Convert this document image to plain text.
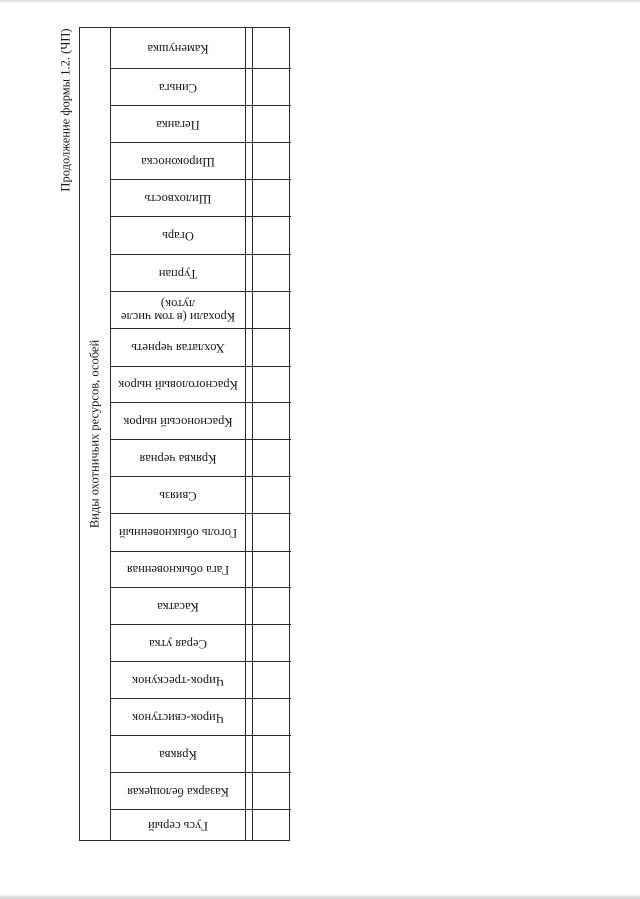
Продолжение формы 1.2. (ЧП)
Виды охотничьих ресурсов, особей
Каменушка
Синьга
Пеганка
Широконоска
Шилохвость
Огарь
Турпан
Крохали (в том числе луток)
Хохлатая чернеть
Красноголовый нырок
Красноносый нырок
Кряква черная
Свиязь
Гоголь обыкновенный
Гага обыкновенная
Касатка
Серая утка
Чирок-трескунок
Чирок-свистунок
Кряква
Казарка белощекая
Гусь серый
